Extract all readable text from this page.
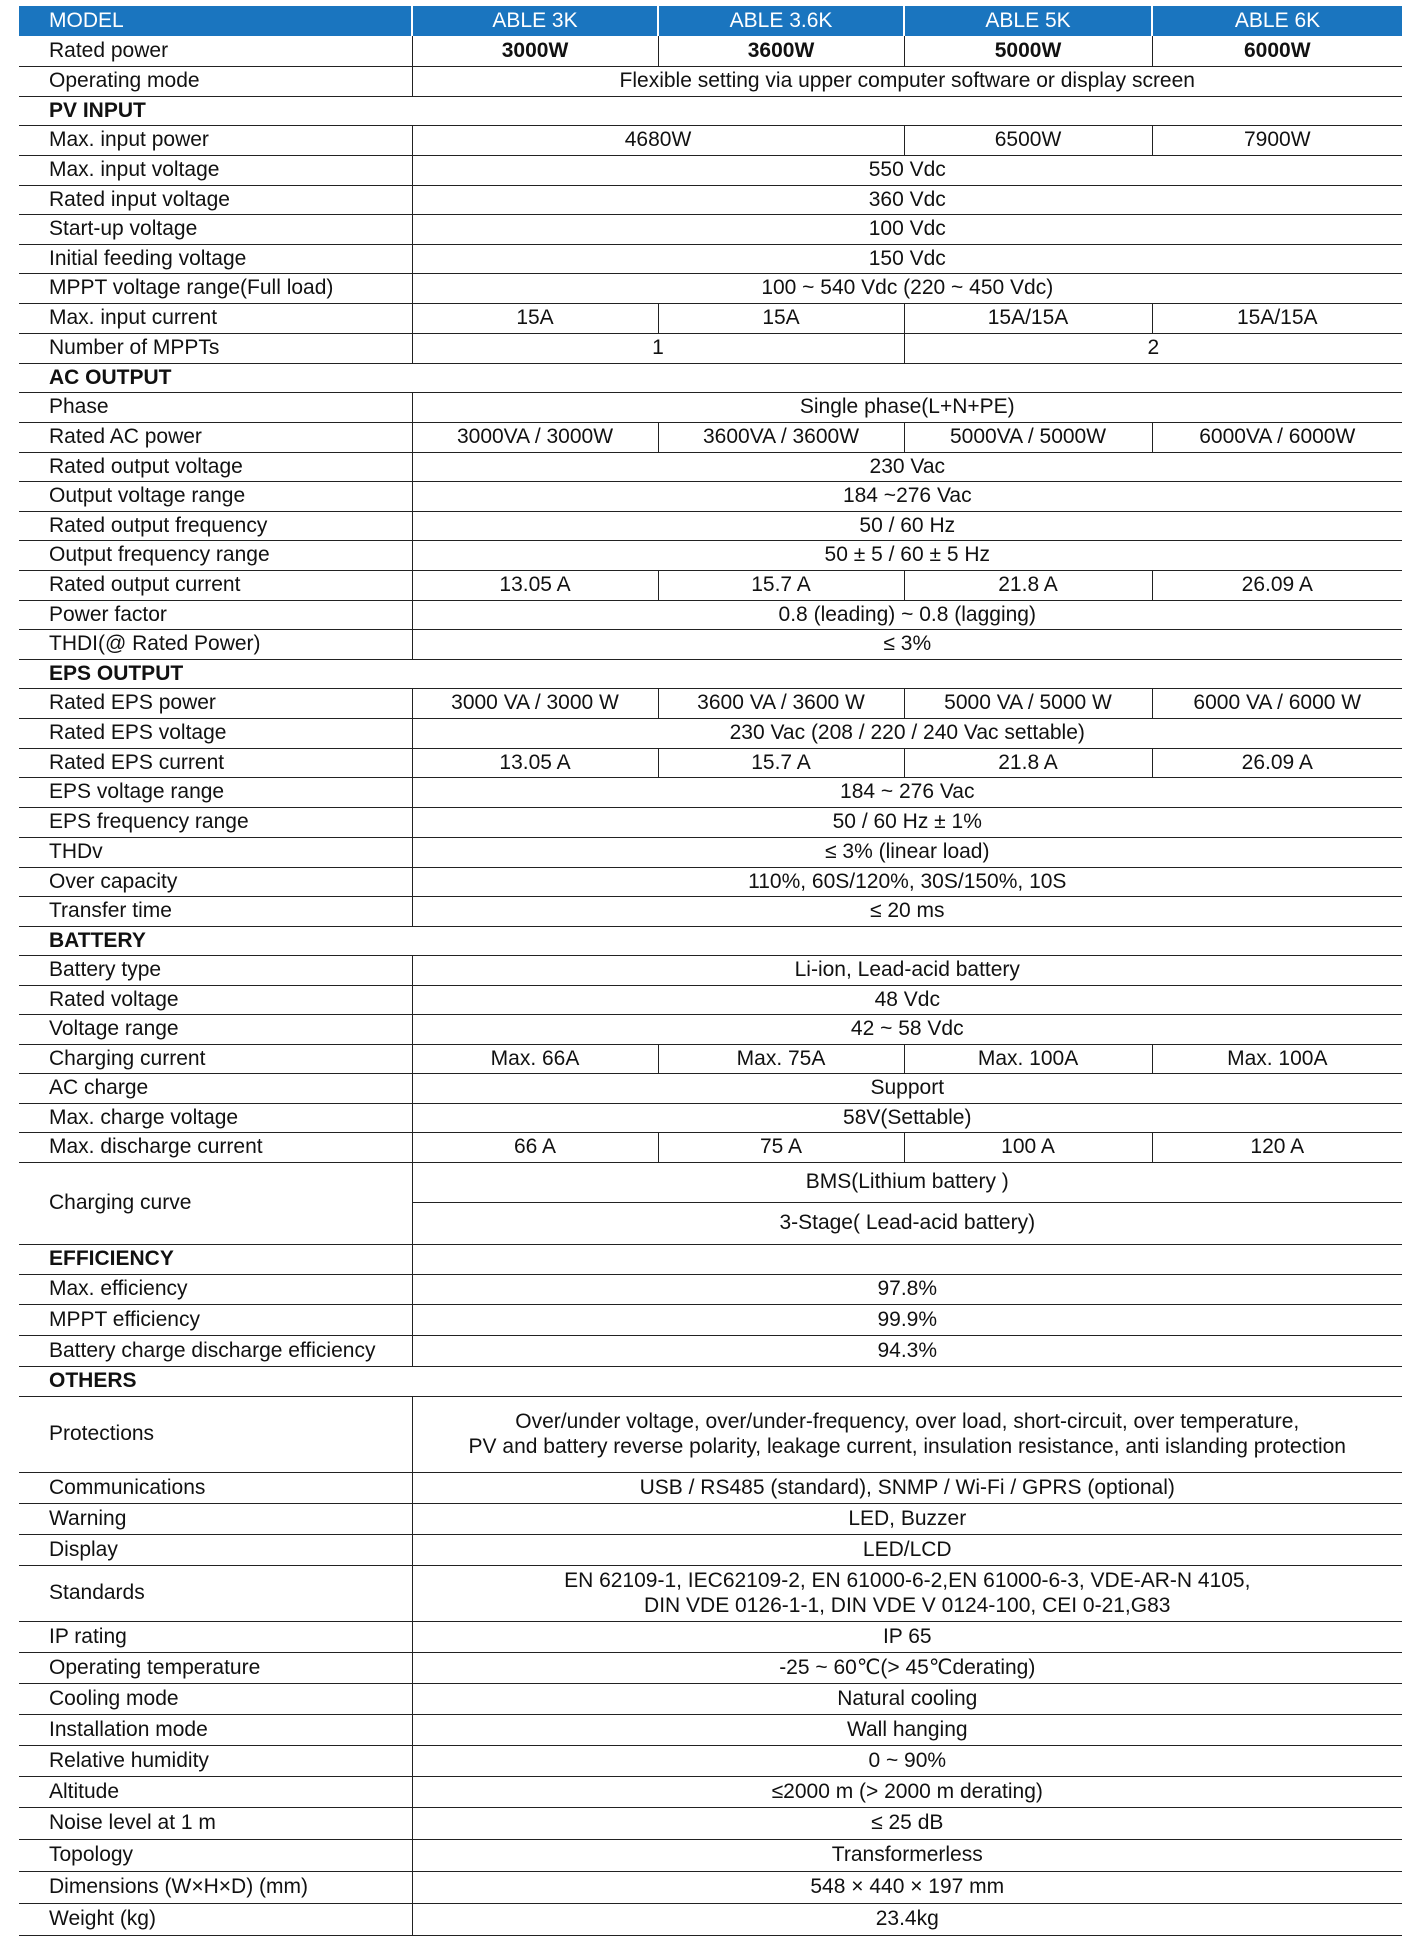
MODEL	ABLE 3K	ABLE 3.6K	ABLE 5K	ABLE 6K
Rated power	3000W	3600W	5000W	6000W
Operating mode	Flexible setting via upper computer software or display screen			
PV INPUT				
Max. input power	4680W		6500W	7900W
Max. input voltage	550 Vdc			
Rated input voltage	360 Vdc			
Start-up voltage	100 Vdc			
Initial feeding voltage	150 Vdc			
MPPT voltage range(Full load)	100 ~ 540 Vdc (220 ~ 450 Vdc)			
Max. input current	15A	15A	15A/15A	15A/15A
Number of MPPTs	1		2	
AC OUTPUT				
Phase	Single phase(L+N+PE)			
Rated AC power	3000VA / 3000W	3600VA / 3600W	5000VA / 5000W	6000VA / 6000W
Rated output voltage	230 Vac			
Output voltage range	184 ~276 Vac			
Rated output frequency	50 / 60 Hz			
Output frequency range	50 ± 5 / 60 ± 5 Hz			
Rated output current	13.05 A	15.7 A	21.8 A	26.09 A
Power factor	0.8 (leading) ~ 0.8 (lagging)			
THDI(@ Rated Power)	≤ 3%			
EPS OUTPUT				
Rated EPS power	3000 VA / 3000 W	3600 VA / 3600 W	5000 VA / 5000 W	6000 VA / 6000 W
Rated EPS voltage	230 Vac (208 / 220 / 240 Vac settable)			
Rated EPS current	13.05 A	15.7 A	21.8 A	26.09 A
EPS voltage range	184 ~ 276 Vac			
EPS frequency range	50 / 60 Hz ± 1%			
THDv	≤ 3% (linear load)			
Over capacity	110%, 60S/120%, 30S/150%, 10S			
Transfer time	≤ 20 ms			
BATTERY				
Battery type	Li-ion, Lead-acid battery			
Rated voltage	48 Vdc			
Voltage range	42 ~ 58 Vdc			
Charging current	Max. 66A	Max. 75A	Max. 100A	Max. 100A
AC charge	Support			
Max. charge voltage	58V(Settable)			
Max. discharge current	66 A	75 A	100 A	120 A
Charging curve	BMS(Lithium battery )			
	3-Stage( Lead-acid battery)			
EFFICIENCY				
Max. efficiency	97.8%			
MPPT efficiency	99.9%			
Battery charge discharge efficiency	94.3%			
OTHERS				
Protections	Over/under voltage, over/under-frequency, over load, short-circuit, over temperature,
PV and battery reverse polarity, leakage current, insulation resistance, anti islanding protection			

Communications	USB / RS485 (standard), SNMP / Wi-Fi / GPRS (optional)			
Warning	LED, Buzzer			
Display	LED/LCD			
Standards	EN 62109-1, IEC62109-2, EN 61000-6-2,EN 61000-6-3, VDE-AR-N 4105,
DIN VDE 0126-1-1, DIN VDE V 0124-100, CEI 0-21,G83			

IP rating	IP 65			
Operating temperature	-25 ~ 60℃(> 45℃derating)			
Cooling mode	Natural cooling			
Installation mode	Wall hanging			
Relative humidity	0 ~ 90%			
Altitude	≤2000 m (> 2000 m derating)			
Noise level at 1 m	≤ 25 dB			
Topology	Transformerless			
Dimensions (W×H×D) (mm)	548 × 440 × 197 mm			
Weight (kg)	23.4kg			
